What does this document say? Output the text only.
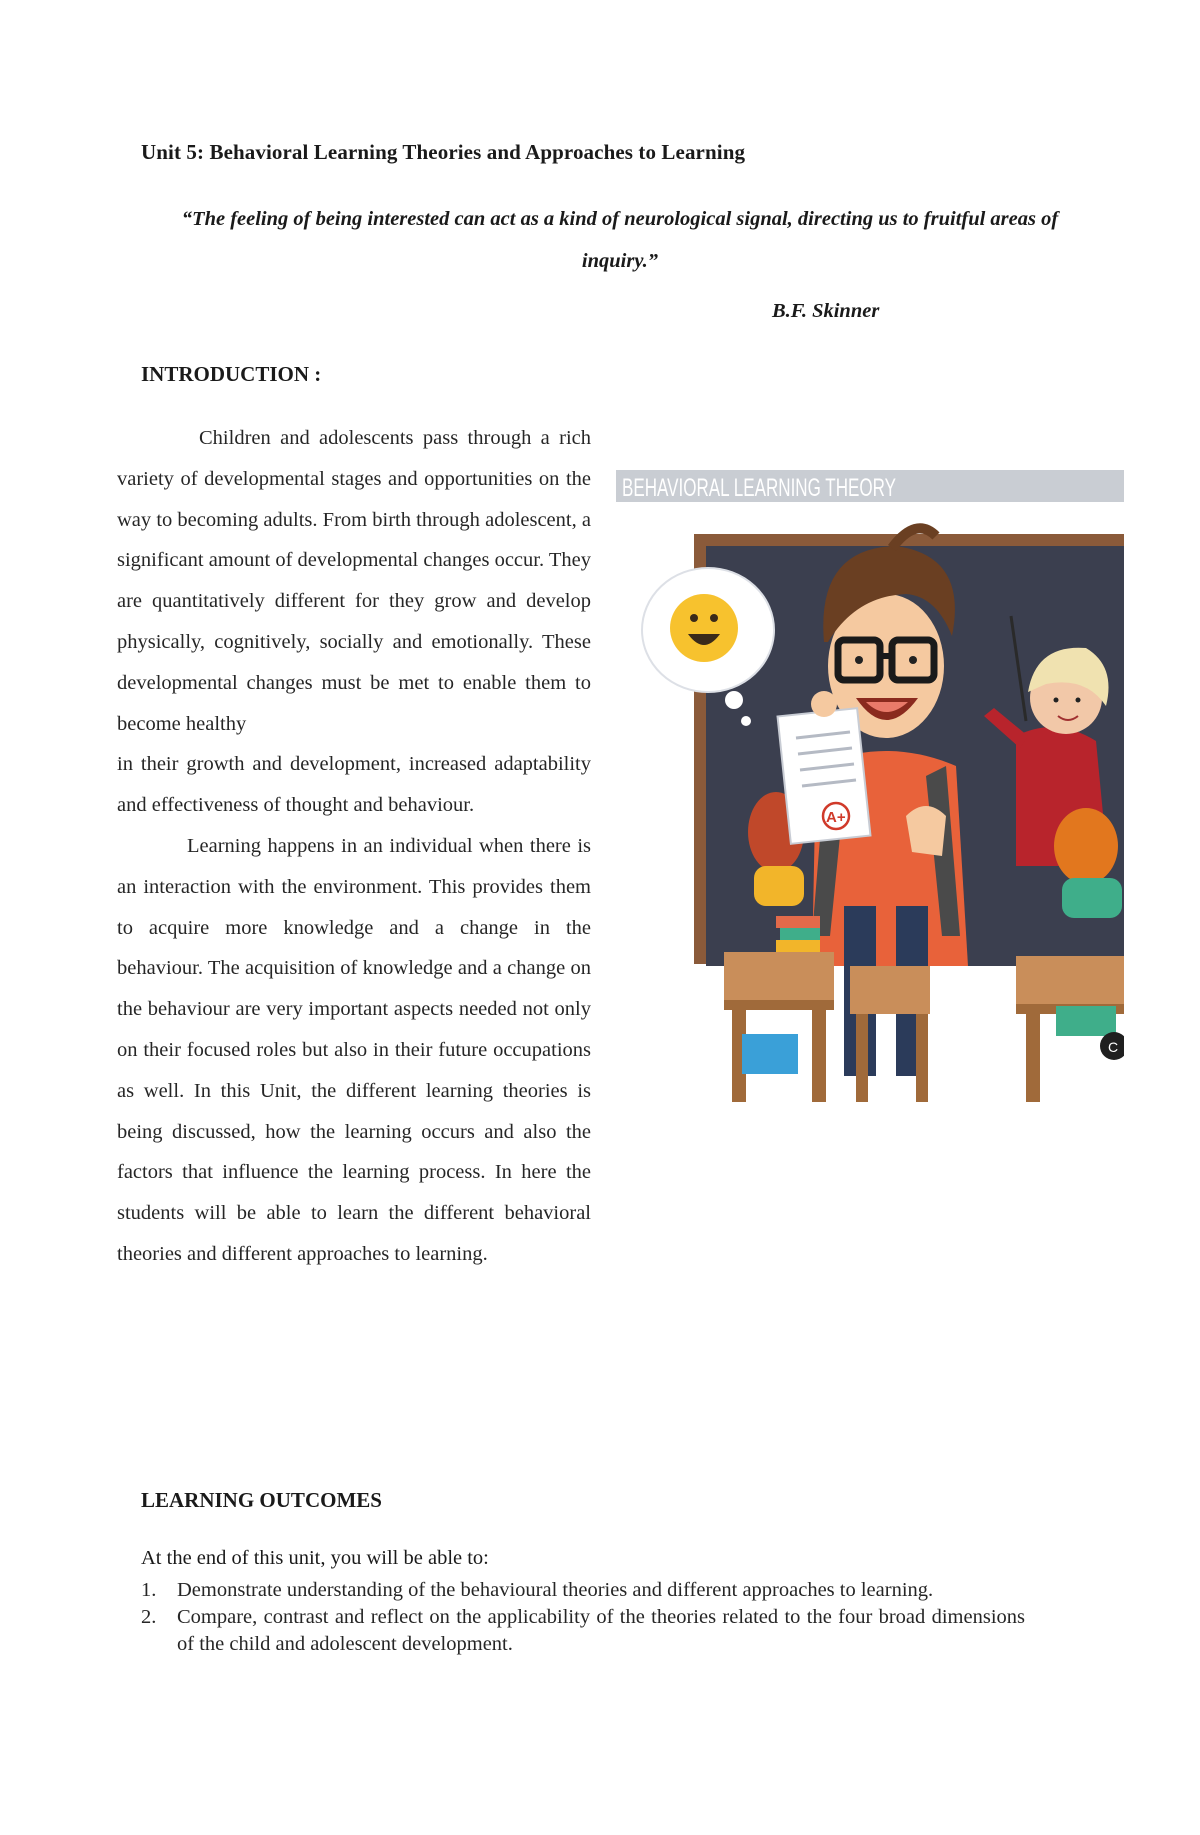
Unit 5: Behavioral Learning Theories and Approaches to Learning
“The feeling of being interested can act as a kind of neurological signal, directing us to fruitful areas of inquiry.”
B.F. Skinner
INTRODUCTION :

Children and adolescents pass through a rich variety of developmental stages and opportunities on the way to becoming adults. From birth through adolescent, a significant amount of developmental changes occur. They are quantitatively different for they grow and develop physically, cognitively, socially and emotionally. These developmental changes must be met to enable them to become healthy

in their growth and development, increased adaptability and effectiveness of thought and behaviour.

Learning happens in an individual when there is an interaction with the environment. This provides them to acquire more knowledge and a change in the behaviour. The acquisition of knowledge and a change on the behaviour are very important aspects needed not only on their focused roles but also in their future occupations as well. In this Unit, the different learning theories is being discussed, how the learning occurs and also the factors that influence the learning process. In here the students will be able to learn the different behavioral theories and different approaches to learning.

BEHAVIORAL LEARNING THEORY
A+
C
LEARNING OUTCOMES
At the end of this unit, you will be able to:
1. Demonstrate understanding of the behavioural theories and different approaches to learning.
2. Compare, contrast and reflect on the applicability of the theories related to the four broad dimensions of the child and adolescent development.
